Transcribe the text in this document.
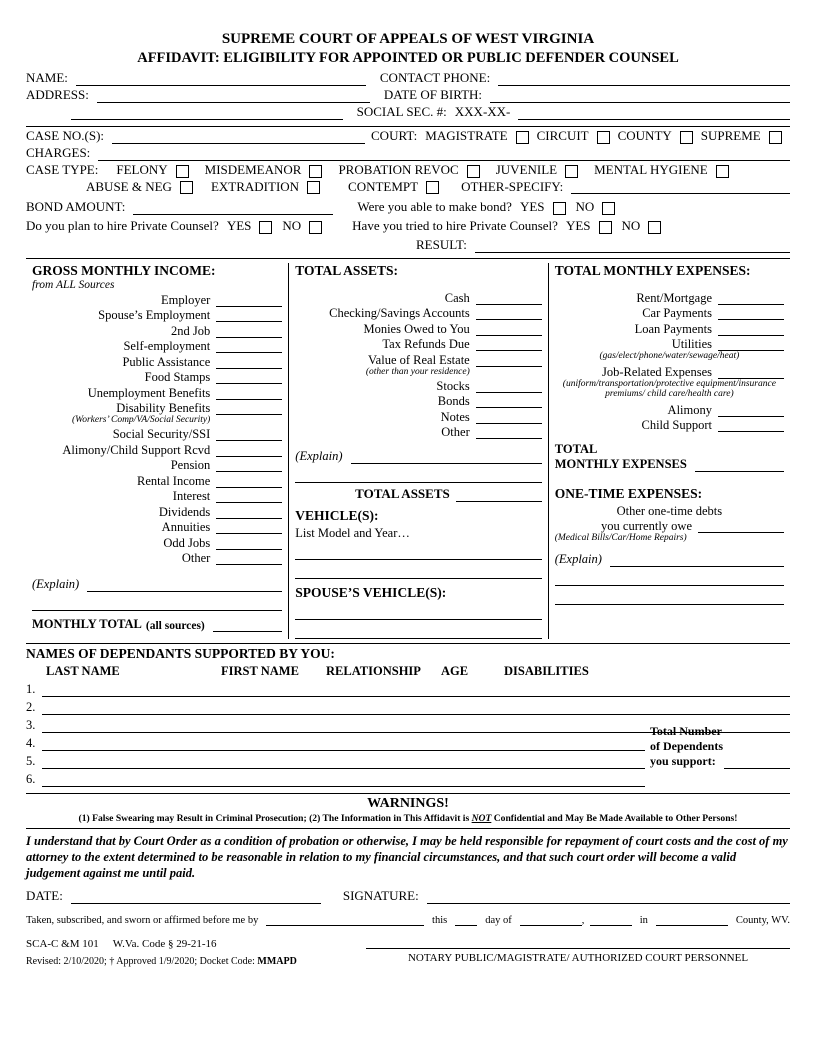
SUPREME COURT OF APPEALS OF WEST VIRGINIA
AFFIDAVIT: ELIGIBILITY FOR APPOINTED OR PUBLIC DEFENDER COUNSEL
NAME:	CONTACT PHONE:
ADDRESS:	DATE OF BIRTH:
SOCIAL SEC. #: XXX-XX-
CASE NO.(S):	COURT: MAGISTRATE CIRCUIT COUNTY SUPREME
CHARGES:
CASE TYPE: FELONY	MISDEMEANOR	PROBATION REVOC	JUVENILE	MENTAL HYGIENE
ABUSE & NEG	EXTRADITION	CONTEMPT	OTHER-SPECIFY:
BOND AMOUNT:	Were you able to make bond? YES NO
Do you plan to hire Private Counsel? YES NO	Have you tried to hire Private Counsel? YES NO
RESULT:
GROSS MONTHLY INCOME:
from ALL Sources
Employer
Spouse’s Employment
2nd Job
Self-employment
Public Assistance
Food Stamps
Unemployment Benefits
Disability Benefits
(Workers’ Comp/VA/Social Security)
Social Security/SSI
Alimony/Child Support Rcvd
Pension
Rental Income
Interest
Dividends
Annuities
Odd Jobs
Other
(Explain)
MONTHLY TOTAL (all sources)
TOTAL ASSETS:
Cash
Checking/Savings Accounts
Monies Owed to You
Tax Refunds Due
Value of Real Estate
(other than your residence)
Stocks
Bonds
Notes
Other
(Explain)
TOTAL ASSETS
VEHICLE(S):
List Model and Year…
SPOUSE’S VEHICLE(S):
TOTAL MONTHLY EXPENSES:
Rent/Mortgage
Car Payments
Loan Payments
Utilities
(gas/elect/phone/water/sewage/heat)
Job-Related Expenses
(uniform/transportation/protective equipment/insurance premiums/ child care/health care)
Alimony
Child Support
TOTAL
MONTHLY EXPENSES
ONE-TIME EXPENSES:
Other one-time debts
you currently owe
(Medical Bills/Car/Home Repairs)
(Explain)
NAMES OF DEPENDANTS SUPPORTED BY YOU:
LAST NAME	FIRST NAME	RELATIONSHIP	AGE	DISABILITIES
1.
2.
3.
4.
5.
6.
Total Number
of Dependents
you support:
WARNINGS!
(1) False Swearing may Result in Criminal Prosecution; (2) The Information in This Affidavit is NOT Confidential and May Be Made Available to Other Persons!
I understand that by Court Order as a condition of probation or otherwise, I may be held responsible for repayment of court costs and the cost of my attorney to the extent determined to be reasonable in relation to my financial circumstances, and that such court order will become a valid judgement against me until paid.
DATE:	SIGNATURE:
Taken, subscribed, and sworn or affirmed before me by	this	day of	,	in	County, WV.
SCA-C &M 101 W.Va. Code § 29-21-16
Revised: 2/10/2020; † Approved 1/9/2020; Docket Code: MMAPD	NOTARY PUBLIC/MAGISTRATE/ AUTHORIZED COURT PERSONNEL
